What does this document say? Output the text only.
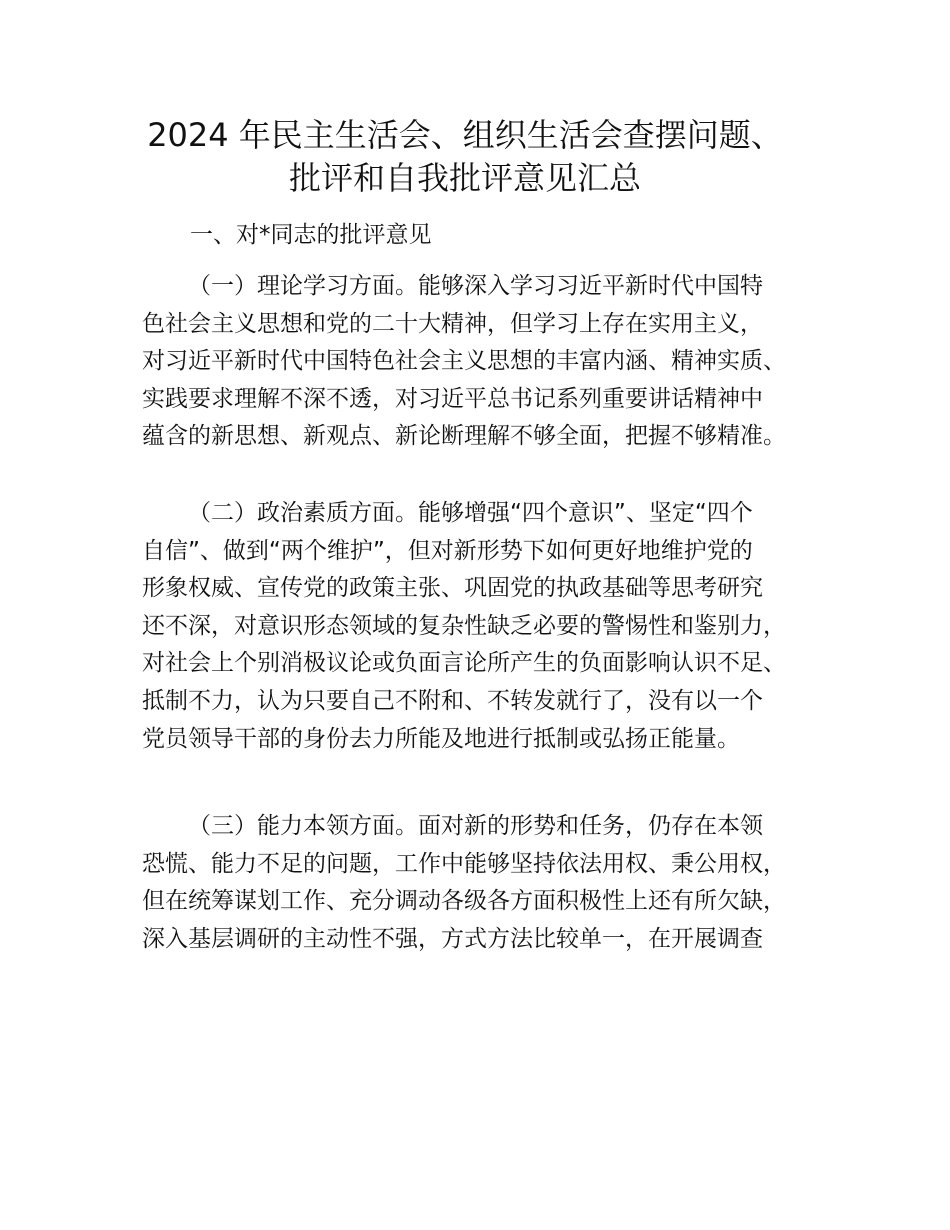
2024 年民主生活会、组织生活会查摆问题、
批评和自我批评意见汇总
一、对*同志的批评意见
（一）理论学习方面。能够深入学习习近平新时代中国特
色社会主义思想和党的二十大精神，但学习上存在实用主义，
对习近平新时代中国特色社会主义思想的丰富内涵、精神实质、
实践要求理解不深不透，对习近平总书记系列重要讲话精神中
蕴含的新思想、新观点、新论断理解不够全面，把握不够精准。
（二）政治素质方面。能够增强“四个意识”、坚定“四个
自信”、做到“两个维护”，但对新形势下如何更好地维护党的
形象权威、宣传党的政策主张、巩固党的执政基础等思考研究
还不深，对意识形态领域的复杂性缺乏必要的警惕性和鉴别力，
对社会上个别消极议论或负面言论所产生的负面影响认识不足、
抵制不力，认为只要自己不附和、不转发就行了，没有以一个
党员领导干部的身份去力所能及地进行抵制或弘扬正能量。
（三）能力本领方面。面对新的形势和任务，仍存在本领
恐慌、能力不足的问题，工作中能够坚持依法用权、秉公用权，
但在统筹谋划工作、充分调动各级各方面积极性上还有所欠缺，
深入基层调研的主动性不强，方式方法比较单一，在开展调查
